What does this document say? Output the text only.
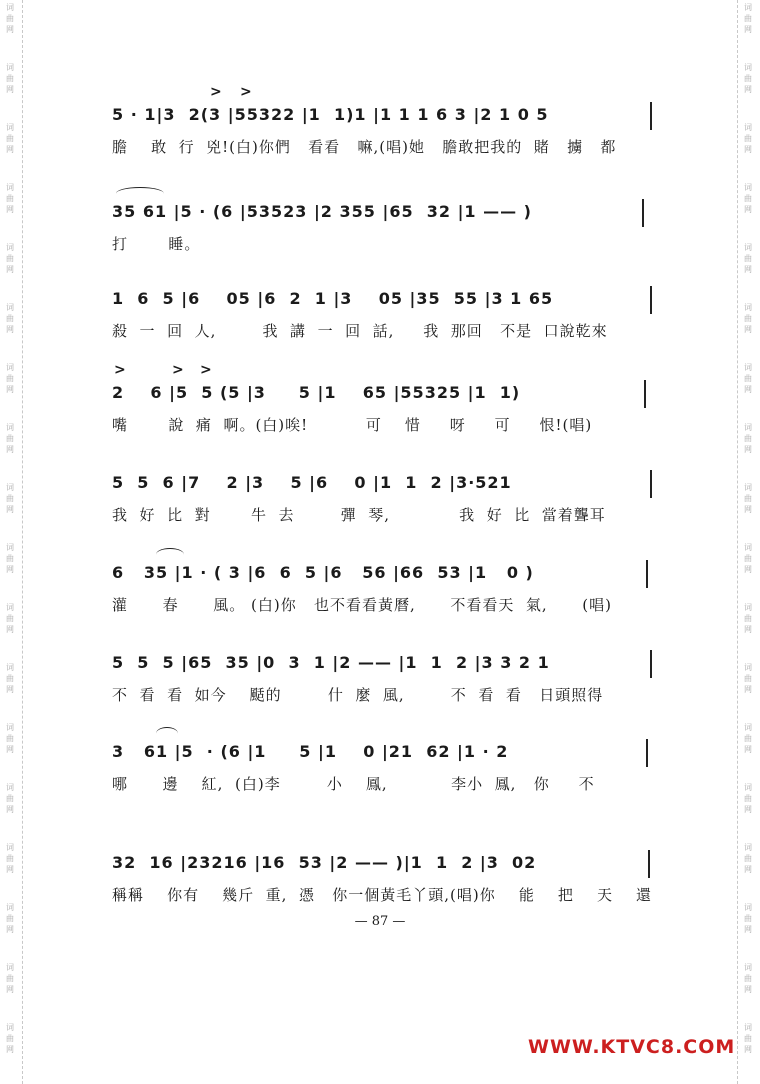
词
曲
网
词
曲
网
词
曲
网
词
曲
网
词
曲
网
词
曲
网
词
曲
网
词
曲
网
词
曲
网
词
曲
网
词
曲
网
词
曲
网
词
曲
网
词
曲
网
词
曲
网
词
曲
网
词
曲
网
词
曲
网
词
曲
网
词
曲
网
词
曲
网
词
曲
网
词
曲
网
词
曲
网
词
曲
网
词
曲
网
词
曲
网
词
曲
网
词
曲
网
词
曲
网
词
曲
网
词
曲
网
词
曲
网
词
曲
网
词
曲
网
词
曲
网
> >
5 · 1|3  2(3 |55322 |1  1)1 |1 1 1 6 3 |2 1 0 5
膽    敢  行  兇!(白)你們   看看   嘛,(唱)她   膽敢把我的  賭   擄   都
35 61 |5 · (6 |53523 |2 355 |65  32 |1 —— )
打       睡。
1  6  5 |6    05 |6  2  1 |3    05 |35  55 |3 1 65
殺  一  回  人,        我  講  一  回  話,     我  那回   不是  口說乾來
>	> >
2    6 |5  5 (5 |3     5 |1    65 |55325 |1  1)
嘴       說  痛  啊。(白)唉!          可    惜     呀     可     恨!(唱)
5  5  6 |7    2 |3    5 |6    0 |1  1  2 |3·521
我  好  比  對       牛  去        彈  琴,            我  好  比  當着聾耳
6   35 |1 · ( 3 |6  6  5 |6   56 |66  53 |1   0 )
灌      春      風。 (白)你   也不看看黃曆,      不看看天  氣,      (唱)
5  5  5 |65  35 |0  3  1 |2 —— |1  1  2 |3 3 2 1
不  看  看  如今    颳的        什  麼  風,        不  看  看   日頭照得
3   61 |5  · (6 |1     5 |1    0 |21  62 |1 · 2
哪      邊    紅,  (白)李        小    鳳,           李小  鳳,   你     不
32  16 |23216 |16  53 |2 —— )|1  1  2 |3  02
稱稱    你有    幾斤  重,  憑   你一個黃毛丫頭,(唱)你    能    把    天    還
— 87 —
WWW.KTVC8.COM
